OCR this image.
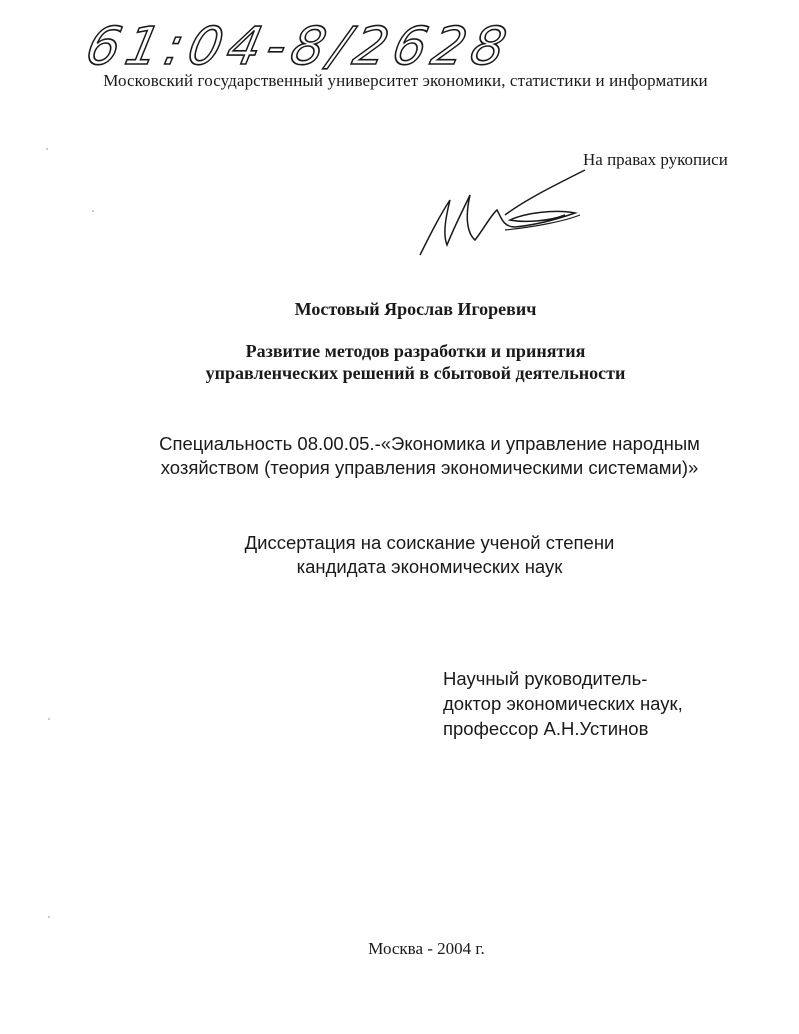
61:04-8/2628
Московский государственный университет экономики, статистики и информатики
На правах рукописи
Мостовый Ярослав Игоревич
Развитие методов разработки и принятия
управленческих решений в сбытовой деятельности
Специальность 08.00.05.-«Экономика и управление народным
хозяйством (теория управления экономическими системами)»
Диссертация на соискание ученой степени
кандидата экономических наук
Научный руководитель-
доктор экономических наук,
профессор А.Н.Устинов
Москва - 2004 г.
